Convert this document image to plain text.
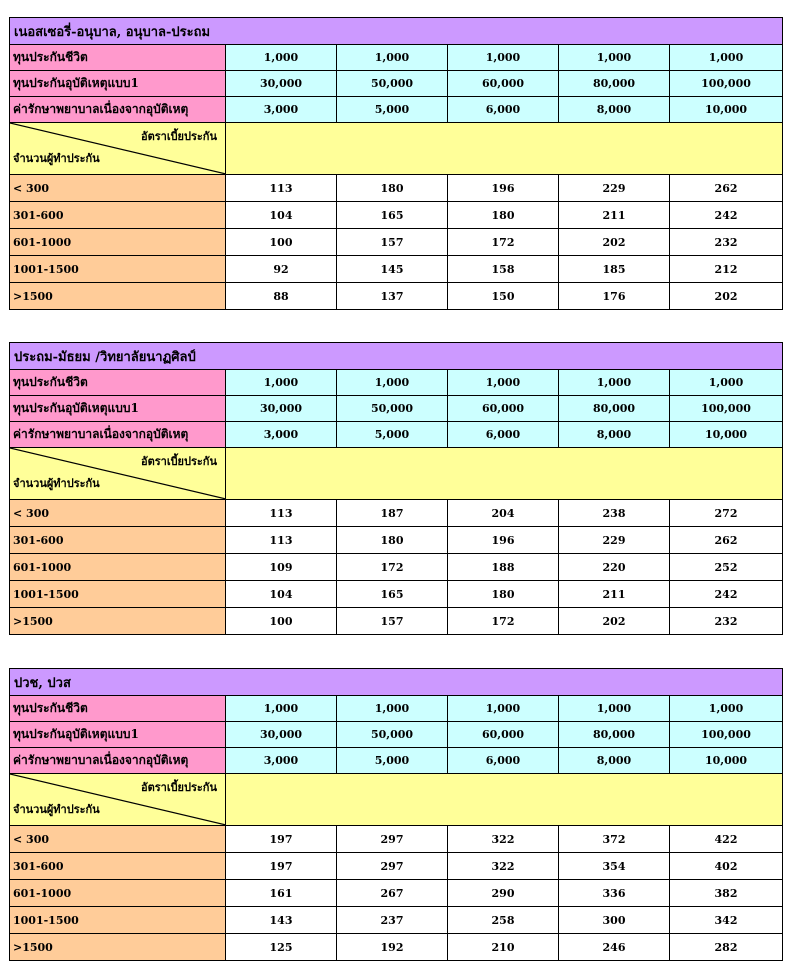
เนอสเซอรี่-อนุบาล, อนุบาล-ประถม					
ทุนประกันชีวิต	1,000	1,000	1,000	1,000	1,000
ทุนประกันอุบัติเหตุแบบ1	30,000	50,000	60,000	80,000	100,000
ค่ารักษาพยาบาลเนื่องจากอุบัติเหตุ	3,000	5,000	6,000	8,000	10,000

อัตราเบี้ยประกัน
จำนวนผู้ทำประกัน					

< 300	113	180	196	229	262
301-600	104	165	180	211	242
601-1000	100	157	172	202	232
1001-1500	92	145	158	185	212
>1500	88	137	150	176	202
ประถม-มัธยม /วิทยาลัยนาฏศิลป์					
ทุนประกันชีวิต	1,000	1,000	1,000	1,000	1,000
ทุนประกันอุบัติเหตุแบบ1	30,000	50,000	60,000	80,000	100,000
ค่ารักษาพยาบาลเนื่องจากอุบัติเหตุ	3,000	5,000	6,000	8,000	10,000

อัตราเบี้ยประกัน
จำนวนผู้ทำประกัน					

< 300	113	187	204	238	272
301-600	113	180	196	229	262
601-1000	109	172	188	220	252
1001-1500	104	165	180	211	242
>1500	100	157	172	202	232
ปวช, ปวส					
ทุนประกันชีวิต	1,000	1,000	1,000	1,000	1,000
ทุนประกันอุบัติเหตุแบบ1	30,000	50,000	60,000	80,000	100,000
ค่ารักษาพยาบาลเนื่องจากอุบัติเหตุ	3,000	5,000	6,000	8,000	10,000

อัตราเบี้ยประกัน
จำนวนผู้ทำประกัน					

< 300	197	297	322	372	422
301-600	197	297	322	354	402
601-1000	161	267	290	336	382
1001-1500	143	237	258	300	342
>1500	125	192	210	246	282
